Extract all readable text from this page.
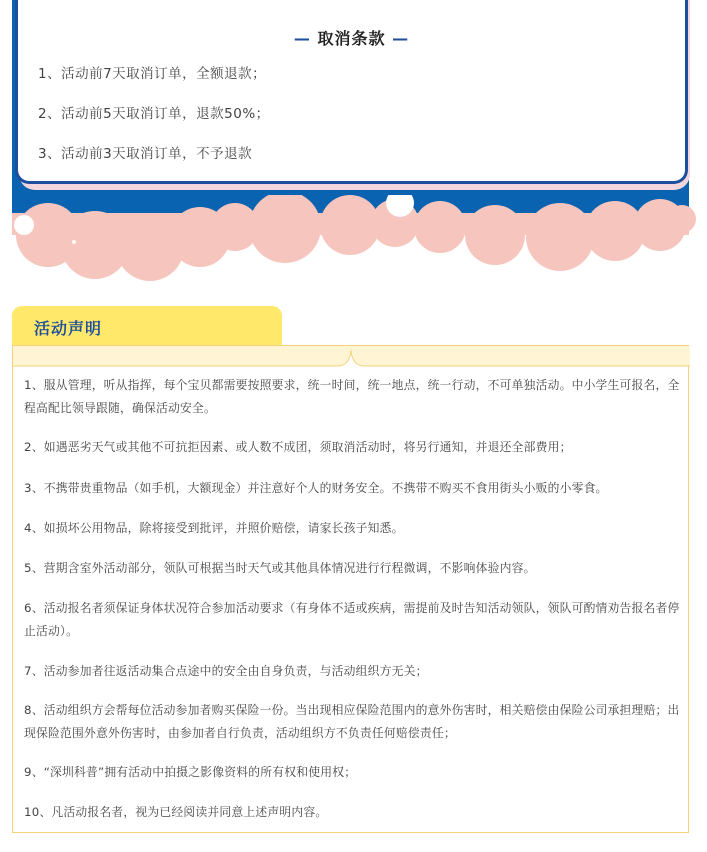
— 取消条款 —
1、活动前7天取消订单，全额退款；
2、活动前5天取消订单，退款50%；
3、活动前3天取消订单，不予退款
活动声明
1、服从管理，听从指挥，每个宝贝都需要按照要求，统一时间，统一地点，统一行动，不可单独活动。中小学生可报名，全程高配比领导跟随，确保活动安全。
2、如遇恶劣天气或其他不可抗拒因素、或人数不成团，须取消活动时，将另行通知，并退还全部费用；
3、不携带贵重物品（如手机，大额现金）并注意好个人的财务安全。不携带不购买不食用街头小贩的小零食。
4、如损坏公用物品，除将接受到批评，并照价赔偿，请家长孩子知悉。
5、营期含室外活动部分，领队可根据当时天气或其他具体情况进行行程微调，不影响体验内容。
6、活动报名者须保证身体状况符合参加活动要求（有身体不适或疾病，需提前及时告知活动领队，领队可酌情劝告报名者停止活动）。
7、活动参加者往返活动集合点途中的安全由自身负责，与活动组织方无关；
8、活动组织方会帮每位活动参加者购买保险一份。当出现相应保险范围内的意外伤害时，相关赔偿由保险公司承担理赔；出现保险范围外意外伤害时，由参加者自行负责，活动组织方不负责任何赔偿责任；
9、“深圳科普”拥有活动中拍摄之影像资料的所有权和使用权；
10、凡活动报名者，视为已经阅读并同意上述声明内容。
